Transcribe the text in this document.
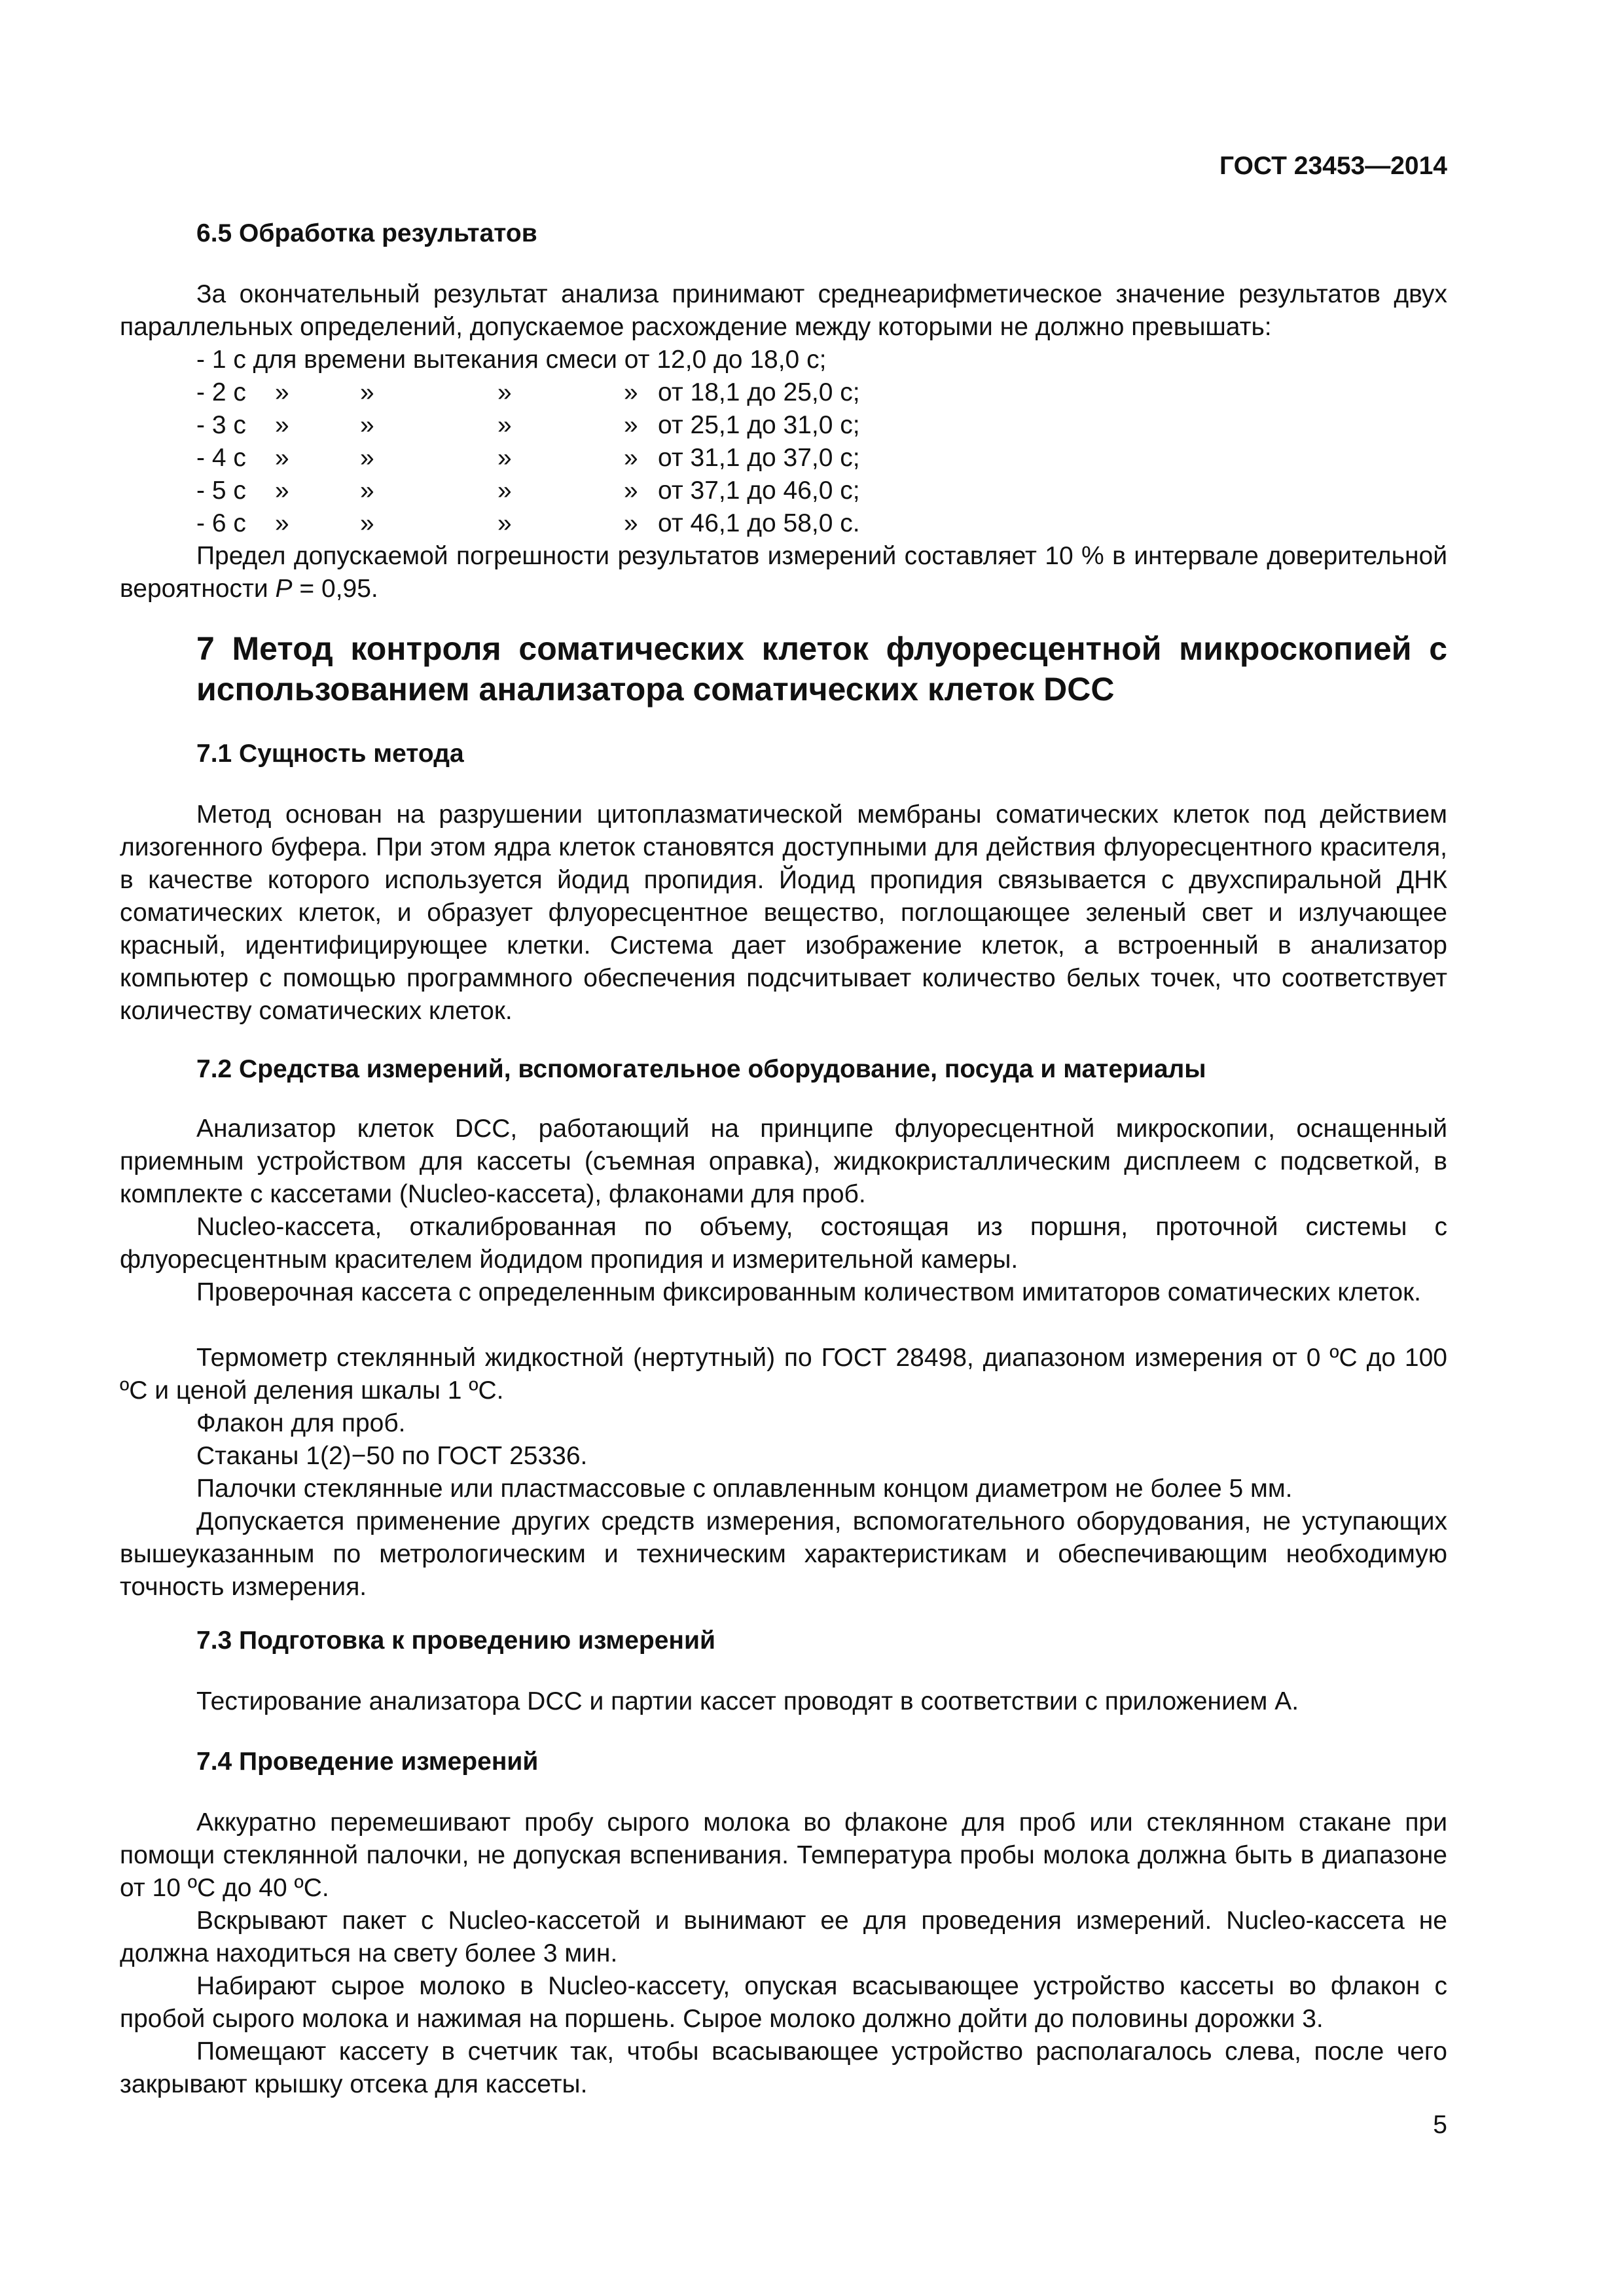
ГОСТ 23453—2014
6.5 Обработка результатов

За окончательный результат анализа принимают среднеарифметическое значение результатов двух параллельных определений, допускаемое расхождение между которыми не должно превышать:

- 1 с для времени вытекания смеси от 12,0 до 18,0 с;
- 2 с »	»	»	» от 18,1 до 25,0 с;
- 3 с »	»	»	» от 25,1 до 31,0 с;
- 4 с »	»	»	» от 31,1 до 37,0 с;
- 5 с »	»	»	» от 37,1 до 46,0 с;
- 6 с »	»	»	» от 46,1 до 58,0 с.

Предел допускаемой погрешности результатов измерений составляет 10 % в интервале доверительной вероятности P = 0,95.

7 Метод контроля соматических клеток флуоресцентной микроскопией с использованием анализатора соматических клеток DCC
7.1 Сущность метода

Метод основан на разрушении цитоплазматической мембраны соматических клеток под действием лизогенного буфера. При этом ядра клеток становятся доступными для действия флуоресцентного красителя, в качестве которого используется йодид пропидия. Йодид пропидия связывается с двухспиральной ДНК соматических клеток, и образует флуоресцентное вещество, поглощающее зеленый свет и излучающее красный, идентифицирующее клетки. Система дает изображение клеток, а встроенный в анализатор компьютер с помощью программного обеспечения подсчитывает количество белых точек, что соответствует количеству соматических клеток.

7.2 Средства измерений, вспомогательное оборудование, посуда и материалы

Анализатор клеток DCC, работающий на принципе флуоресцентной микроскопии, оснащенный приемным устройством для кассеты (съемная оправка), жидкокристаллическим дисплеем с подсветкой, в комплекте с кассетами (Nucleo-кассета), флаконами для проб.

Nucleo-кассета, откалиброванная по объему, состоящая из поршня, проточной системы с флуоресцентным красителем йодидом пропидия и измерительной камеры.

Проверочная кассета с определенным фиксированным количеством имитаторов соматических клеток.

Термометр стеклянный жидкостной (нертутный) по ГОСТ 28498, диапазоном измерения от 0 ºС до 100 ºС и ценой деления шкалы 1 ºС.

Флакон для проб.

Стаканы 1(2)−50 по ГОСТ 25336.

Палочки стеклянные или пластмассовые с оплавленным концом диаметром не более 5 мм.

Допускается применение других средств измерения, вспомогательного оборудования, не уступающих вышеуказанным по метрологическим и техническим характеристикам и обеспечивающим необходимую точность измерения.

7.3 Подготовка к проведению измерений

Тестирование анализатора DCC и партии кассет проводят в соответствии с приложением А.

7.4 Проведение измерений

Аккуратно перемешивают пробу сырого молока во флаконе для проб или стеклянном стакане при помощи стеклянной палочки, не допуская вспенивания. Температура пробы молока должна быть в диапазоне от 10 ºС до 40 ºС.

Вскрывают пакет с Nucleo-кассетой и вынимают ее для проведения измерений. Nucleo-кассета не должна находиться на свету более 3 мин.

Набирают сырое молоко в Nucleo-кассету, опуская всасывающее устройство кассеты во флакон с пробой сырого молока и нажимая на поршень. Сырое молоко должно дойти до половины дорожки 3.

Помещают кассету в счетчик так, чтобы всасывающее устройство располагалось слева, после чего закрывают крышку отсека для кассеты.

5
